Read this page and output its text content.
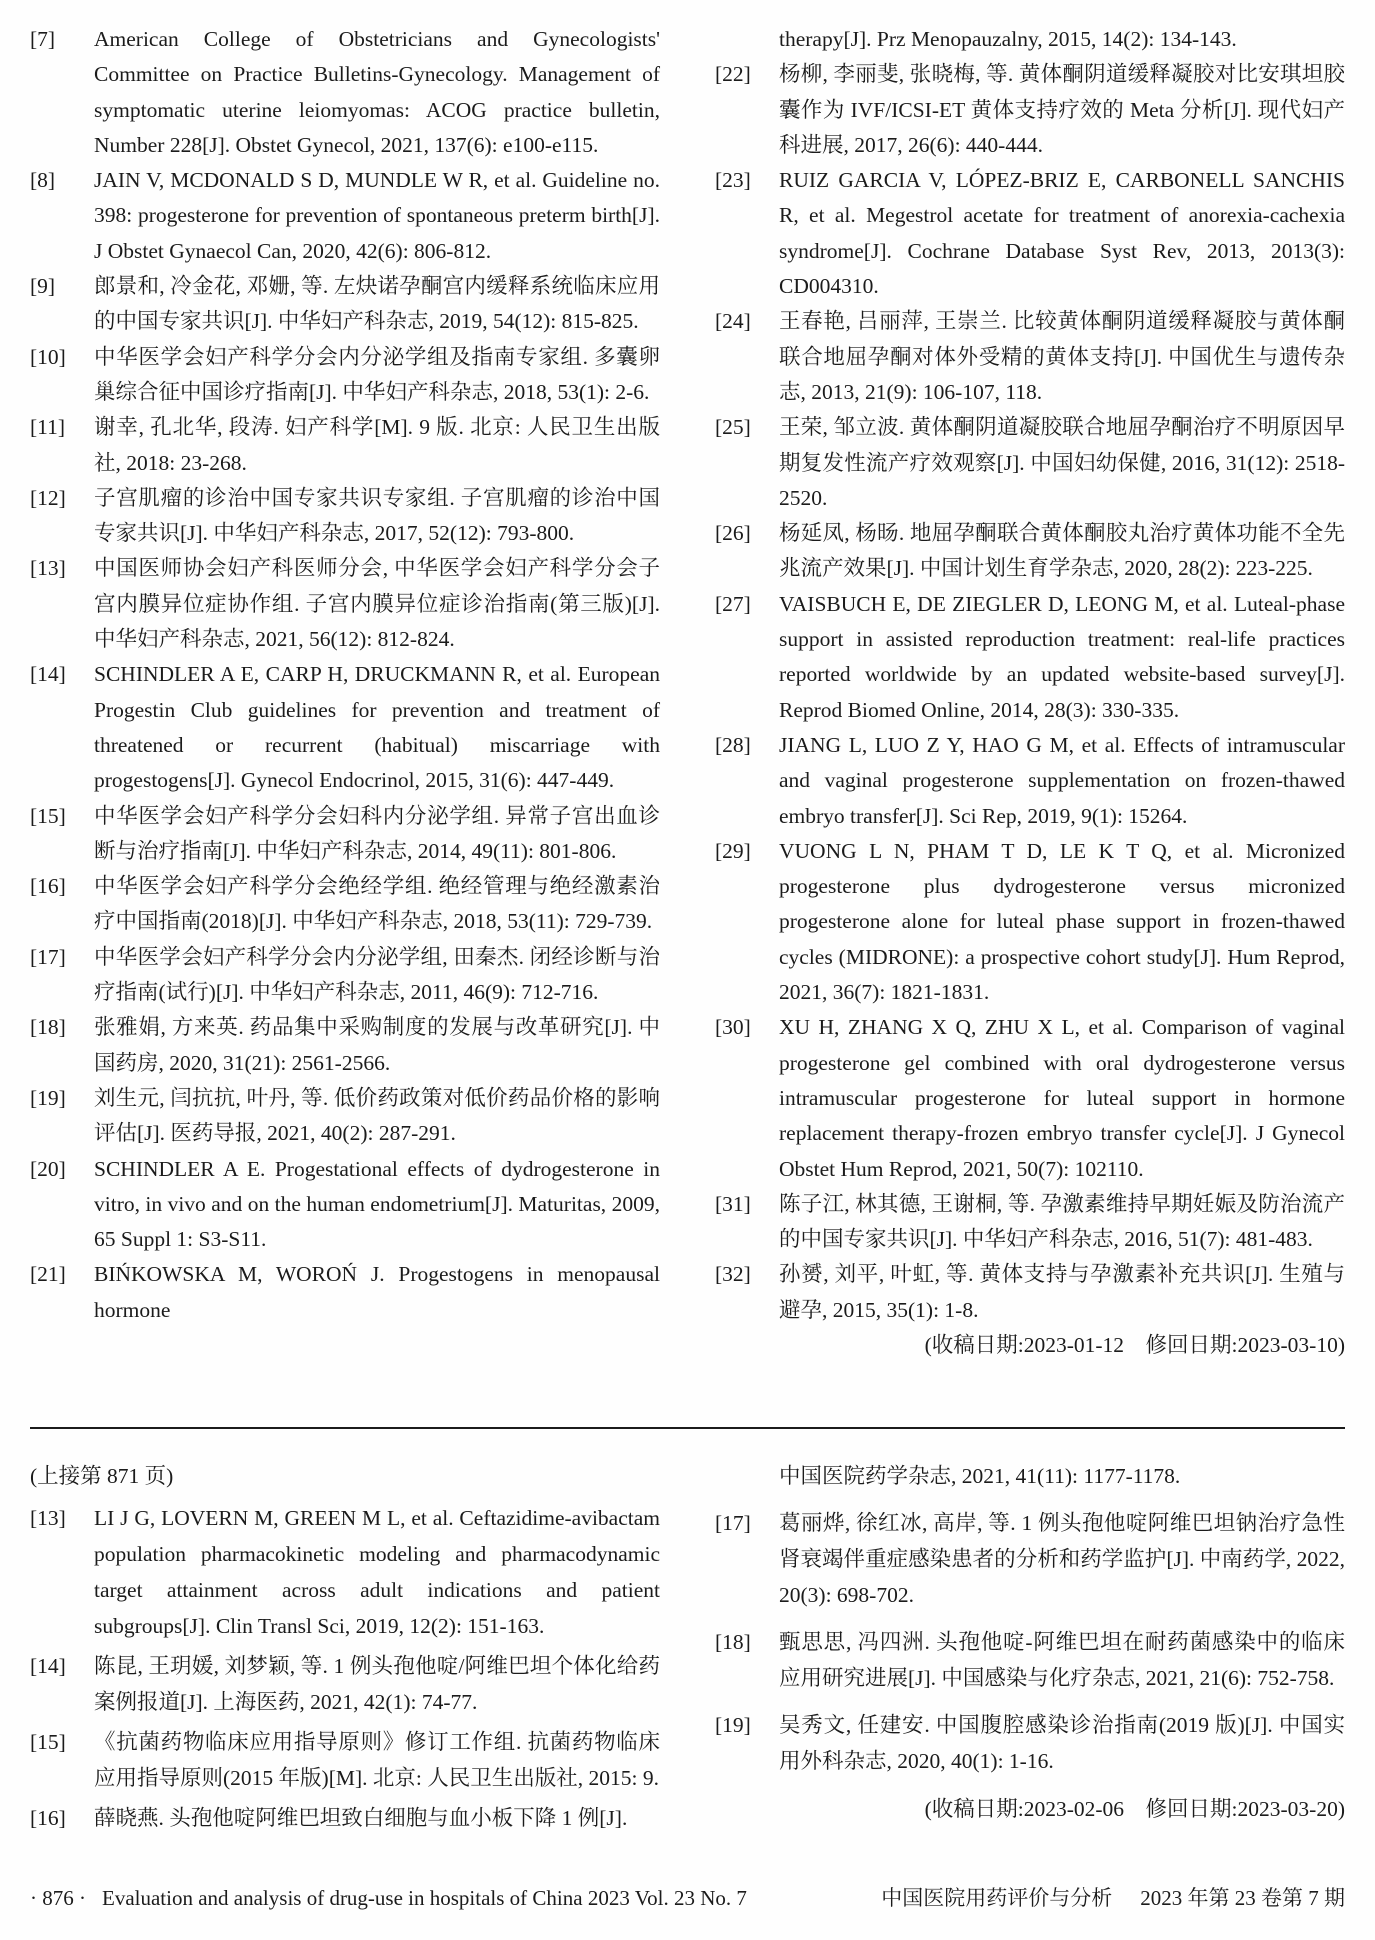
[7]	American College of Obstetricians and Gynecologists' Committee on Practice Bulletins-Gynecology. Management of symptomatic uterine leiomyomas: ACOG practice bulletin, Number 228[J]. Obstet Gynecol, 2021, 137(6): e100-e115.
[8]	JAIN V, MCDONALD S D, MUNDLE W R, et al. Guideline no. 398: progesterone for prevention of spontaneous preterm birth[J]. J Obstet Gynaecol Can, 2020, 42(6): 806-812.
[9]	郎景和, 冷金花, 邓姗, 等. 左炔诺孕酮宫内缓释系统临床应用的中国专家共识[J]. 中华妇产科杂志, 2019, 54(12): 815-825.
[10]	中华医学会妇产科学分会内分泌学组及指南专家组. 多囊卵巢综合征中国诊疗指南[J]. 中华妇产科杂志, 2018, 53(1): 2-6.
[11]	谢幸, 孔北华, 段涛. 妇产科学[M]. 9 版. 北京: 人民卫生出版社, 2018: 23-268.
[12]	子宫肌瘤的诊治中国专家共识专家组. 子宫肌瘤的诊治中国专家共识[J]. 中华妇产科杂志, 2017, 52(12): 793-800.
[13]	中国医师协会妇产科医师分会, 中华医学会妇产科学分会子宫内膜异位症协作组. 子宫内膜异位症诊治指南(第三版)[J]. 中华妇产科杂志, 2021, 56(12): 812-824.
[14]	SCHINDLER A E, CARP H, DRUCKMANN R, et al. European Progestin Club guidelines for prevention and treatment of threatened or recurrent (habitual) miscarriage with progestogens[J]. Gynecol Endocrinol, 2015, 31(6): 447-449.
[15]	中华医学会妇产科学分会妇科内分泌学组. 异常子宫出血诊断与治疗指南[J]. 中华妇产科杂志, 2014, 49(11): 801-806.
[16]	中华医学会妇产科学分会绝经学组. 绝经管理与绝经激素治疗中国指南(2018)[J]. 中华妇产科杂志, 2018, 53(11): 729-739.
[17]	中华医学会妇产科学分会内分泌学组, 田秦杰. 闭经诊断与治疗指南(试行)[J]. 中华妇产科杂志, 2011, 46(9): 712-716.
[18]	张雅娟, 方来英. 药品集中采购制度的发展与改革研究[J]. 中国药房, 2020, 31(21): 2561-2566.
[19]	刘生元, 闫抗抗, 叶丹, 等. 低价药政策对低价药品价格的影响评估[J]. 医药导报, 2021, 40(2): 287-291.
[20]	SCHINDLER A E. Progestational effects of dydrogesterone in vitro, in vivo and on the human endometrium[J]. Maturitas, 2009, 65 Suppl 1: S3-S11.
[21]	BIŃKOWSKA M, WOROŃ J. Progestogens in menopausal hormone
therapy[J]. Prz Menopauzalny, 2015, 14(2): 134-143.
[22]	杨柳, 李丽斐, 张晓梅, 等. 黄体酮阴道缓释凝胶对比安琪坦胶囊作为 IVF/ICSI-ET 黄体支持疗效的 Meta 分析[J]. 现代妇产科进展, 2017, 26(6): 440-444.
[23]	RUIZ GARCIA V, LÓPEZ-BRIZ E, CARBONELL SANCHIS R, et al. Megestrol acetate for treatment of anorexia-cachexia syndrome[J]. Cochrane Database Syst Rev, 2013, 2013(3): CD004310.
[24]	王春艳, 吕丽萍, 王崇兰. 比较黄体酮阴道缓释凝胶与黄体酮联合地屈孕酮对体外受精的黄体支持[J]. 中国优生与遗传杂志, 2013, 21(9): 106-107, 118.
[25]	王荣, 邹立波. 黄体酮阴道凝胶联合地屈孕酮治疗不明原因早期复发性流产疗效观察[J]. 中国妇幼保健, 2016, 31(12): 2518-2520.
[26]	杨延凤, 杨旸. 地屈孕酮联合黄体酮胶丸治疗黄体功能不全先兆流产效果[J]. 中国计划生育学杂志, 2020, 28(2): 223-225.
[27]	VAISBUCH E, DE ZIEGLER D, LEONG M, et al. Luteal-phase support in assisted reproduction treatment: real-life practices reported worldwide by an updated website-based survey[J]. Reprod Biomed Online, 2014, 28(3): 330-335.
[28]	JIANG L, LUO Z Y, HAO G M, et al. Effects of intramuscular and vaginal progesterone supplementation on frozen-thawed embryo transfer[J]. Sci Rep, 2019, 9(1): 15264.
[29]	VUONG L N, PHAM T D, LE K T Q, et al. Micronized progesterone plus dydrogesterone versus micronized progesterone alone for luteal phase support in frozen-thawed cycles (MIDRONE): a prospective cohort study[J]. Hum Reprod, 2021, 36(7): 1821-1831.
[30]	XU H, ZHANG X Q, ZHU X L, et al. Comparison of vaginal progesterone gel combined with oral dydrogesterone versus intramuscular progesterone for luteal support in hormone replacement therapy-frozen embryo transfer cycle[J]. J Gynecol Obstet Hum Reprod, 2021, 50(7): 102110.
[31]	陈子江, 林其德, 王谢桐, 等. 孕激素维持早期妊娠及防治流产的中国专家共识[J]. 中华妇产科杂志, 2016, 51(7): 481-483.
[32]	孙赟, 刘平, 叶虹, 等. 黄体支持与孕激素补充共识[J]. 生殖与避孕, 2015, 35(1): 1-8.
(收稿日期:2023-01-12　修回日期:2023-03-10)
(上接第 871 页)
[13]	LI J G, LOVERN M, GREEN M L, et al. Ceftazidime-avibactam population pharmacokinetic modeling and pharmacodynamic target attainment across adult indications and patient subgroups[J]. Clin Transl Sci, 2019, 12(2): 151-163.
[14]	陈昆, 王玥媛, 刘梦颖, 等. 1 例头孢他啶/阿维巴坦个体化给药案例报道[J]. 上海医药, 2021, 42(1): 74-77.
[15]	《抗菌药物临床应用指导原则》修订工作组. 抗菌药物临床应用指导原则(2015 年版)[M]. 北京: 人民卫生出版社, 2015: 9.
[16]	薛晓燕. 头孢他啶阿维巴坦致白细胞与血小板下降 1 例[J].
中国医院药学杂志, 2021, 41(11): 1177-1178.
[17]	葛丽烨, 徐红冰, 高岸, 等. 1 例头孢他啶阿维巴坦钠治疗急性肾衰竭伴重症感染患者的分析和药学监护[J]. 中南药学, 2022, 20(3): 698-702.
[18]	甄思思, 冯四洲. 头孢他啶-阿维巴坦在耐药菌感染中的临床应用研究进展[J]. 中国感染与化疗杂志, 2021, 21(6): 752-758.
[19]	吴秀文, 任建安. 中国腹腔感染诊治指南(2019 版)[J]. 中国实用外科杂志, 2020, 40(1): 1-16.
(收稿日期:2023-02-06　修回日期:2023-03-20)
· 876 · Evaluation and analysis of drug-use in hospitals of China 2023 Vol. 23 No. 7	中国医院用药评价与分析 2023 年第 23 卷第 7 期
